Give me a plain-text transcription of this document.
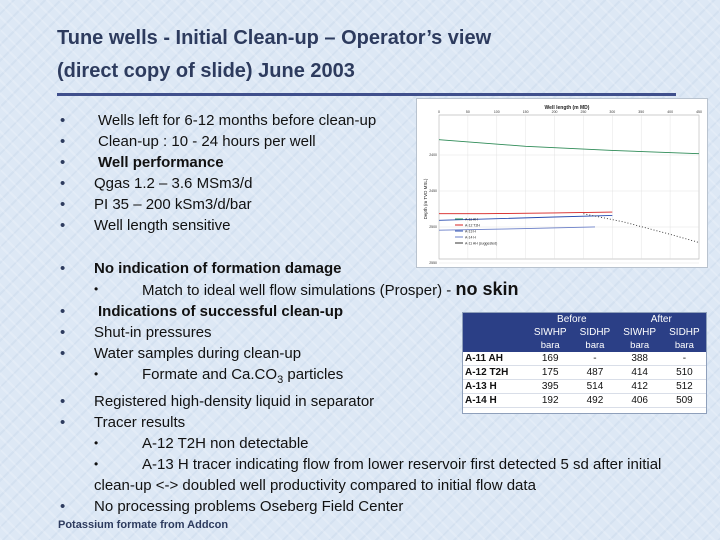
Tune wells - Initial Clean-up – Operator’s view
(direct copy of slide) June 2003
• Wells left for 6-12 months before clean-up
• Clean-up : 10 - 24 hours per well
• Well performance
• Qgas 1.2 – 3.6 MSm3/d
• PI 35 – 200 kSm3/d/bar
• Well length sensitive
Well length (m MD)
Depth (m TVD MSL)
0	50	100	150	200	250	300	350	400	450
2400
2450
2500
2550
A-11 AH
A-12 T2H
A-13 H
A-14 H
A-11 AH (suggested)
• No indication of formation damage
•	Match to ideal well flow simulations (Prosper) - no skin
• Indications of successful clean-up
• Shut-in pressures
• Water samples during clean-up
•	Formate and $Ca.CO_3$ particles
• Registered high-density liquid in separator
• Tracer results
•	A-12 T2H non detectable
•	A-13 H tracer indicating flow from lower reservoir first detected 5 sd after initial clean-up <-> doubled well productivity compared to initial flow data
• No processing problems Oseberg Field Center
	Before		After	
	SIWHP	SIDHP	SIWHP	SIDHP
	bara	bara	bara	bara
A-11 AH	169	-	388	-
A-12 T2H	175	487	414	510
A-13 H	395	514	412	512
A-14 H	192	492	406	509
Potassium formate from Addcon
